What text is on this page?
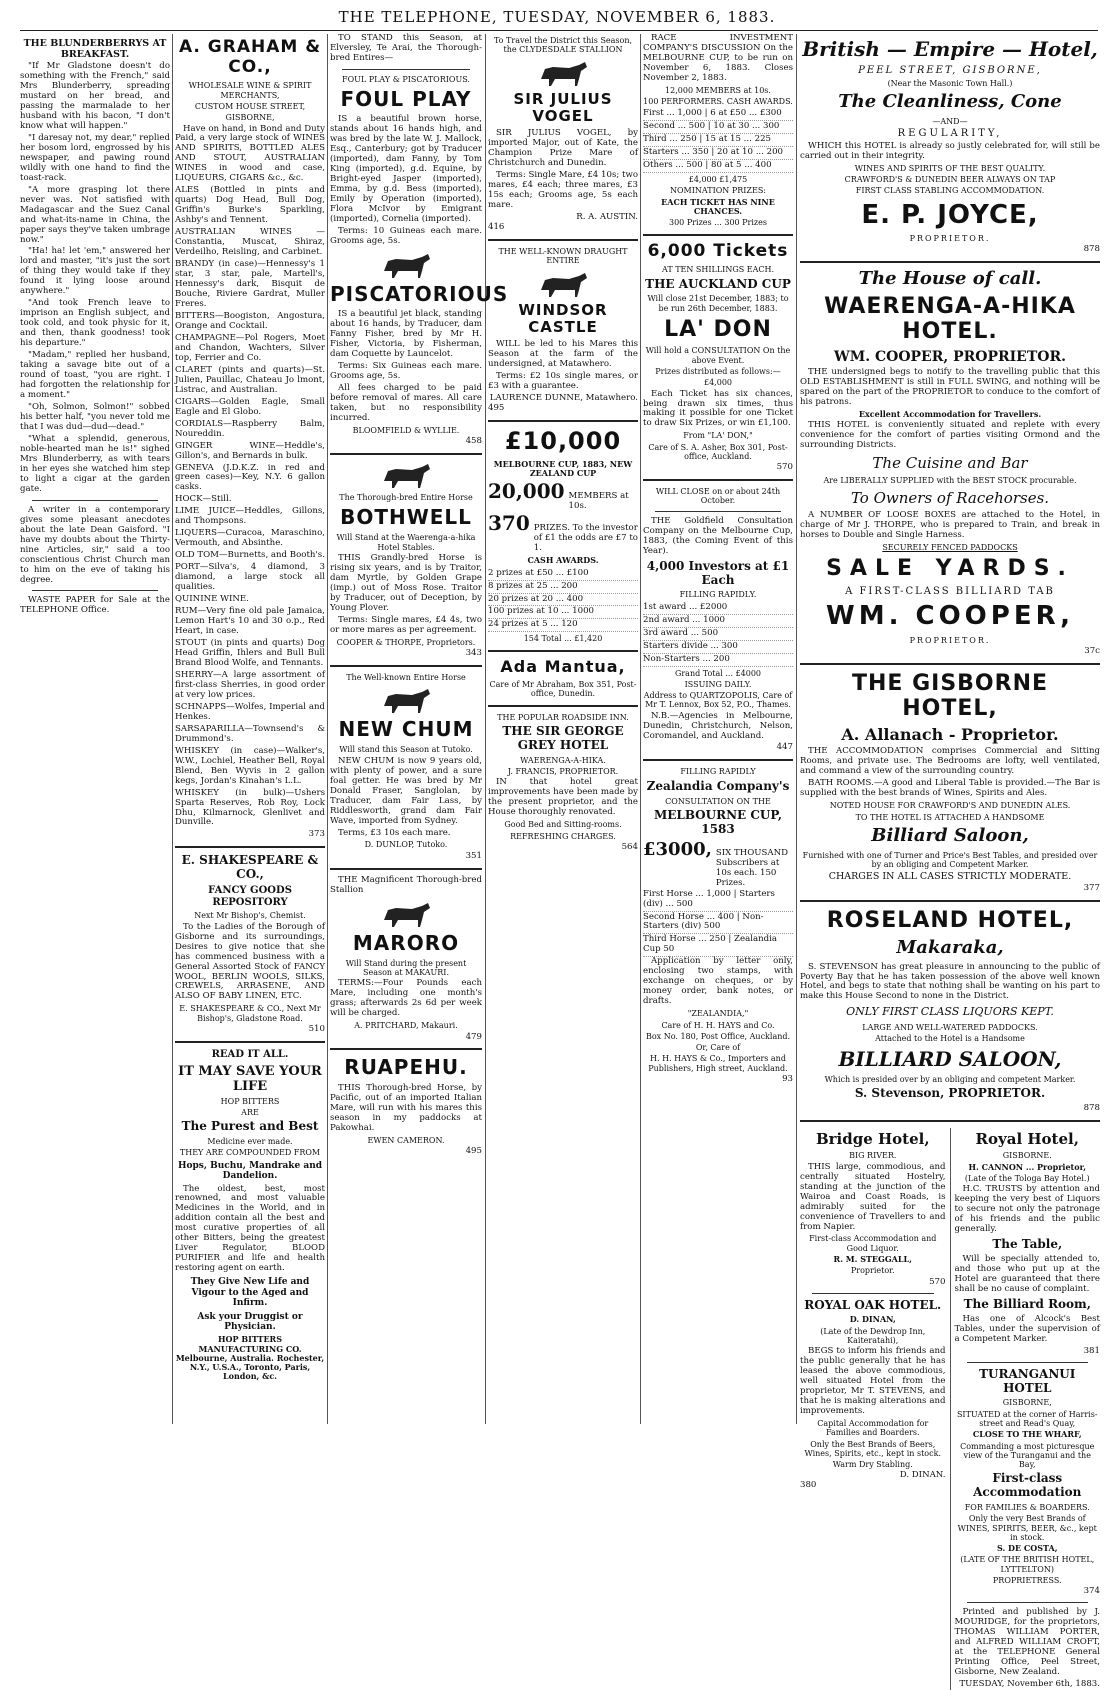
THE TELEPHONE, TUESDAY, NOVEMBER 6, 1883.
THE BLUNDERBERRYS AT BREAKFAST.

"If Mr Gladstone doesn't do something with the French," said Mrs Blunderberry, spreading mustard on her bread, and passing the marmalade to her husband with his bacon, "I don't know what will happen."

"I daresay not, my dear," replied her bosom lord, engrossed by his newspaper, and pawing round wildly with one hand to find the toast-rack.

"A more grasping lot there never was. Not satisfied with Madagascar and the Suez Canal and what-its-name in China, the paper says they've taken umbrage now."

"Ha! ha! let 'em," answered her lord and master, "it's just the sort of thing they would take if they found it lying loose around anywhere."

"And took French leave to imprison an English subject, and took cold, and took physic for it, and then, thank goodness! took his departure."

"Madam," replied her husband, taking a savage bite out of a round of toast, "you are right. I had forgotten the relationship for a moment."

"Oh, Solmon, Solmon!" sobbed his better half, "you never told me that I was dud—dud—dead."

"What a splendid, generous, noble-hearted man he is!" sighed Mrs Blunderberry, as with tears in her eyes she watched him step to light a cigar at the garden gate.

A writer in a contemporary gives some pleasant anecdotes about the late Dean Gaisford. "I have my doubts about the Thirty-nine Articles, sir," said a too conscientious Christ Church man to him on the eve of taking his degree.

WASTE PAPER for Sale at the TELEPHONE Office.

A. GRAHAM & CO.,
WHOLESALE WINE & SPIRIT MERCHANTS,
CUSTOM HOUSE STREET,
GISBORNE,

Have on hand, in Bond and Duty Paid, a very large stock of WINES AND SPIRITS, BOTTLED ALES AND STOUT, AUSTRALIAN WINES in wood and case, LIQUEURS, CIGARS &c., &c.

ALES (Bottled in pints and quarts) Dog Head, Bull Dog, Griffin's Burke's Sparkling, Ashby's and Tennent.

AUSTRALIAN WINES — Constantia, Muscat, Shiraz, Verdeilho, Reisling, and Carbinet.

BRANDY (in case)—Hennessy's 1 star, 3 star, pale, Martell's, Hennessy's dark, Bisquit de Bouche, Riviere Gardrat, Muller Freres.

BITTERS—Boogiston, Angostura, Orange and Cocktail.

CHAMPAGNE—Pol Rogers, Moet and Chandon, Wachters, Silver top, Ferrier and Co.

CLARET (pints and quarts)—St. Julien, Pauillac, Chateau Jo lmont, Listrac, and Australian.

CIGARS—Golden Eagle, Small Eagle and El Globo.

CORDIALS—Raspberry Balm, Noureddin.

GINGER WINE—Heddle's, Gillon's, and Bernards in bulk.

GENEVA (J.D.K.Z. in red and green cases)—Key, N.Y. 6 gallon casks.

HOCK—Still.

LIME JUICE—Heddles, Gillons, and Thompsons.

LIQUERS—Curacoa, Maraschino, Vermouth, and Absinthe.

OLD TOM—Burnetts, and Booth's.

PORT—Silva's, 4 diamond, 3 diamond, a large stock all qualities.

QUININE WINE.

RUM—Very fine old pale Jamaica, Lemon Hart's 10 and 30 o.p., Red Heart, in case.

STOUT (in pints and quarts) Dog Head Griffin, Ihlers and Bull Bull Brand Blood Wolfe, and Tennants.

SHERRY—A large assortment of first-class Sherries, in good order at very low prices.

SCHNAPPS—Wolfes, Imperial and Henkes.

SARSAPARILLA—Townsend's & Drummond's.

WHISKEY (in case)—Walker's, W.W., Lochiel, Heather Bell, Royal Blend, Ben Wyvis in 2 gallon kegs, Jordan's Kinahan's L.L.

WHISKEY (in bulk)—Ushers Sparta Reserves, Rob Roy, Lock Dhu, Kilmarnock, Glenlivet and Dunville.

373
E. SHAKESPEARE & CO.,
FANCY GOODS REPOSITORY
Next Mr Bishop's, Chemist.

To the Ladies of the Borough of Gisborne and its surroundings, Desires to give notice that she has commenced business with a General Assorted Stock of FANCY WOOL, BERLIN WOOLS, SILKS, CREWELS, ARRASENE, AND ALSO OF BABY LINEN, ETC.

E. SHAKESPEARE & CO., Next Mr Bishop's, Gladstone Road.
510
READ IT ALL.
IT MAY SAVE YOUR LIFE
HOP BITTERS
ARE
The Purest and Best
Medicine ever made.
THEY ARE COMPOUNDED FROM
Hops, Buchu, Mandrake and Dandelion.

The oldest, best, most renowned, and most valuable Medicines in the World, and in addition contain all the best and most curative properties of all other Bitters, being the greatest Liver Regulator, BLOOD PURIFIER and life and health restoring agent on earth.

They Give New Life and Vigour to the Aged and Infirm.
Ask your Druggist or Physician.
HOP BITTERS MANUFACTURING CO. Melbourne, Australia. Rochester, N.Y., U.S.A., Toronto, Paris, London, &c.

TO STAND this Season, at Elversley, Te Arai, the Thorough-bred Entires—

FOUL PLAY & PISCATORIOUS.
FOUL PLAY

IS a beautiful brown horse, stands about 16 hands high, and was bred by the late W. J. Mallock, Esq., Canterbury; got by Traducer (imported), dam Fanny, by Tom King (imported), g.d. Equine, by Bright-eyed Jasper (imported), Emma, by g.d. Bess (imported), Emily by Operation (imported), Flora McIvor by Emigrant (imported), Cornelia (imported).

Terms: 10 Guineas each mare. Grooms age, 5s.

PISCATORIOUS

IS a beautiful jet black, standing about 16 hands, by Traducer, dam Fanny Fisher, bred by Mr H. Fisher, Victoria, by Fisherman, dam Coquette by Launcelot.

Terms: Six Guineas each mare. Grooms age, 5s.

All fees charged to be paid before removal of mares. All care taken, but no responsibility incurred.

BLOOMFIELD & WYLLIE.
458
The Thorough-bred Entire Horse
BOTHWELL
Will Stand at the Waerenga-a-hika Hotel Stables.

THIS Grandly-bred Horse is rising six years, and is by Traitor, dam Myrtle, by Golden Grape (imp.) out of Moss Rose. Traitor by Traducer, out of Deception, by Young Plover.

Terms: Single mares, £4 4s, two or more mares as per agreement.

COOPER & THORPE, Proprietors.
343
The Well-known Entire Horse
NEW CHUM
Will stand this Season at Tutoko.

NEW CHUM is now 9 years old, with plenty of power, and a sure foal getter. He was bred by Mr Donald Fraser, Sanglolan, by Traducer, dam Fair Lass, by Riddlesworth, grand dam Fair Wave, imported from Sydney.

Terms, £3 10s each mare.

D. DUNLOP, Tutoko.
351

THE Magnificent Thorough-bred Stallion

MARORO
Will Stand during the present Season at MAKAURI.

TERMS:—Four Pounds each Mare, including one month's grass; afterwards 2s 6d per week will be charged.

A. PRITCHARD, Makauri.
479
RUAPEHU.

THIS Thorough-bred Horse, by Pacific, out of an imported Italian Mare, will run with his mares this season in my paddocks at Pakowhai.

EWEN CAMERON.
495
To Travel the District this Season, the CLYDESDALE STALLION
SIR JULIUS VOGEL

SIR JULIUS VOGEL, by imported Major, out of Kate, the Champion Prize Mare of Christchurch and Dunedin.

Terms: Single Mare, £4 10s; two mares, £4 each; three mares, £3 15s each; Grooms age, 5s each mare.

R. A. AUSTIN.
416
THE WELL-KNOWN DRAUGHT ENTIRE
WINDSOR CASTLE

WILL be led to his Mares this Season at the farm of the undersigned, at Matawhero.

Terms: £2 10s single mares, or £3 with a guarantee.

LAURENCE DUNNE, Matawhero.
495
£10,000
MELBOURNE CUP, 1883, NEW ZEALAND CUP
20,000 MEMBERS at 10s.
370 PRIZES. To the investor of £1 the odds are £7 to 1.
CASH AWARDS.
2 prizes at £50 ... £100
8 prizes at 25 ... 200
20 prizes at 20 ... 400
100 prizes at 10 ... 1000
24 prizes at 5 ... 120
154 Total ... £1,420
Ada Mantua,
Care of Mr Abraham, Box 351, Post-office, Dunedin.
THE POPULAR ROADSIDE INN.
THE SIR GEORGE GREY HOTEL
WAERENGA-A-HIKA.
J. FRANCIS, PROPRIETOR.

IN that hotel great improvements have been made by the present proprietor, and the House thoroughly renovated.

Good Bed and Sitting-rooms.
REFRESHING CHARGES.
564

RACE INVESTMENT COMPANY'S DISCUSSION On the MELBOURNE CUP, to be run on November 6, 1883. Closes November 2, 1883.

12,000 MEMBERS at 10s.
100 PERFORMERS. CASH AWARDS.
First ... 1,000 | 6 at £50 ... £300
Second ... 500 | 10 at 30 ... 300
Third ... 250 | 15 at 15 ... 225
Starters ... 350 | 20 at 10 ... 200
Others ... 500 | 80 at 5 ... 400
£4,000 £1,475
NOMINATION PRIZES:
EACH TICKET HAS NINE CHANCES.
300 Prizes ... 300 Prizes
6,000 Tickets
AT TEN SHILLINGS EACH.
THE AUCKLAND CUP
Will close 21st December, 1883; to be run 26th December, 1883.
LA' DON
Will hold a CONSULTATION On the above Event.
Prizes distributed as follows:—
£4,000

Each Ticket has six chances, being drawn six times, thus making it possible for one Ticket to draw Six Prizes, or win £1,100.

From "LA' DON,"
Care of S. A. Asher, Box 301, Post-office, Auckland.
570
WILL CLOSE on or about 24th October.

THE Goldfield Consultation Company on the Melbourne Cup, 1883, (the Coming Event of this Year).

4,000 Investors at £1 Each
FILLING RAPIDLY.
1st award ... £2000
2nd award ... 1000
3rd award ... 500
Starters divide ... 300
Non-Starters ... 200
Grand Total ... £4000
ISSUING DAILY.
Address to QUARTZOPOLIS, Care of Mr T. Lennox, Box 52, P.O., Thames.

N.B.—Agencies in Melbourne, Dunedin, Christchurch, Nelson, Coromandel, and Auckland.

447
FILLING RAPIDLY
Zealandia Company's
CONSULTATION ON THE
MELBOURNE CUP, 1583
£3000, SIX THOUSAND Subscribers at 10s each. 150 Prizes.
First Horse ... 1,000 | Starters (div) ... 500
Second Horse ... 400 | Non-Starters (div) 500
Third Horse ... 250 | Zealandia Cup 50

Application by letter only, enclosing two stamps, with exchange on cheques, or by money order, bank notes, or drafts.

"ZEALANDIA,"
Care of H. H. HAYS and Co.
Box No. 180, Post Office, Auckland.
Or, Care of
H. H. HAYS & Co., Importers and Publishers, High street, Auckland.
93
British — Empire — Hotel,
PEEL STREET, GISBORNE,
(Near the Masonic Town Hall.)
The Cleanliness, Cone
—AND—
REGULARITY,

WHICH this HOTEL is already so justly celebrated for, will still be carried out in their integrity.

WINES AND SPIRITS OF THE BEST QUALITY.
CRAWFORD'S & DUNEDIN BEER ALWAYS ON TAP
FIRST CLASS STABLING ACCOMMODATION.
E. P. JOYCE,
PROPRIETOR.
878
The House of call.
WAERENGA-A-HIKA HOTEL.
WM. COOPER, PROPRIETOR.

THE undersigned begs to notify to the travelling public that this OLD ESTABLISHMENT is still in FULL SWING, and nothing will be spared on the part of the PROPRIETOR to conduce to the comfort of his patrons.

Excellent Accommodation for Travellers.

THIS HOTEL is conveniently situated and replete with every convenience for the comfort of parties visiting Ormond and the surrounding Districts.

The Cuisine and Bar
Are LIBERALLY SUPPLIED with the BEST STOCK procurable.
To Owners of Racehorses.

A NUMBER OF LOOSE BOXES are attached to the Hotel, in charge of Mr J. THORPE, who is prepared to Train, and break in horses to Double and Single Harness.

SECURELY FENCED PADDOCKS
SALE YARDS.
A FIRST-CLASS BILLIARD TAB
WM. COOPER,
PROPRIETOR.
37c
THE GISBORNE HOTEL,
A. Allanach - Proprietor.

THE ACCOMMODATION comprises Commercial and Sitting Rooms, and private use. The Bedrooms are lofty, well ventilated, and command a view of the surrounding country.

BATH ROOMS.—A good and Liberal Table is provided.—The Bar is supplied with the best brands of Wines, Spirits and Ales.

NOTED HOUSE FOR CRAWFORD'S AND DUNEDIN ALES.
TO THE HOTEL IS ATTACHED A HANDSOME
Billiard Saloon,
Furnished with one of Turner and Price's Best Tables, and presided over by an obliging and Competent Marker.
CHARGES IN ALL CASES STRICTLY MODERATE.
377
ROSELAND HOTEL,
Makaraka,

S. STEVENSON has great pleasure in announcing to the public of Poverty Bay that he has taken possession of the above well known Hotel, and begs to state that nothing shall be wanting on his part to make this House Second to none in the District.

ONLY FIRST CLASS LIQUORS KEPT.
LARGE AND WELL-WATERED PADDOCKS.
Attached to the Hotel is a Handsome
BILLIARD SALOON,
Which is presided over by an obliging and competent Marker.
S. Stevenson, PROPRIETOR.
878
Bridge Hotel,
BIG RIVER.

THIS large, commodious, and centrally situated Hostelry, standing at the junction of the Wairoa and Coast Roads, is admirably suited for the convenience of Travellers to and from Napier.

First-class Accommodation and Good Liquor.
R. M. STEGGALL,
Proprietor.
570
ROYAL OAK HOTEL.
D. DINAN,
(Late of the Dewdrop Inn, Kaiteratahi),

BEGS to inform his friends and the public generally that he has leased the above commodious, well situated Hotel from the proprietor, Mr T. STEVENS, and that he is making alterations and improvements.

Capital Accommodation for Families and Boarders.
Only the Best Brands of Beers, Wines, Spirits, etc., kept in stock.
Warm Dry Stabling.
D. DINAN.
380
Royal Hotel,
GISBORNE.
H. CANNON ... Proprietor,
(Late of the Tologa Bay Hotel.)

H.C. TRUSTS by attention and keeping the very best of Liquors to secure not only the patronage of his friends and the public generally.

The Table,

Will be specially attended to, and those who put up at the Hotel are guaranteed that there shall be no cause of complaint.

The Billiard Room,

Has one of Alcock's Best Tables, under the supervision of a Competent Marker.

381
TURANGANUI HOTEL
GISBORNE,
SITUATED at the corner of Harris-street and Read's Quay,
CLOSE TO THE WHARF,
Commanding a most picturesque view of the Turanganui and the Bay,
First-class Accommodation
FOR FAMILIES & BOARDERS.
Only the very Best Brands of WINES, SPIRITS, BEER, &c., kept in stock.
S. DE COSTA,
(LATE OF THE BRITISH HOTEL, LYTTELTON)
PROPRIETRESS.
374

Printed and published by J. MOURIDGE, for the proprietors, THOMAS WILLIAM PORTER, and ALFRED WILLIAM CROFT, at the TELEPHONE General Printing Office, Peel Street, Gisborne, New Zealand.

TUESDAY, November 6th, 1883.
